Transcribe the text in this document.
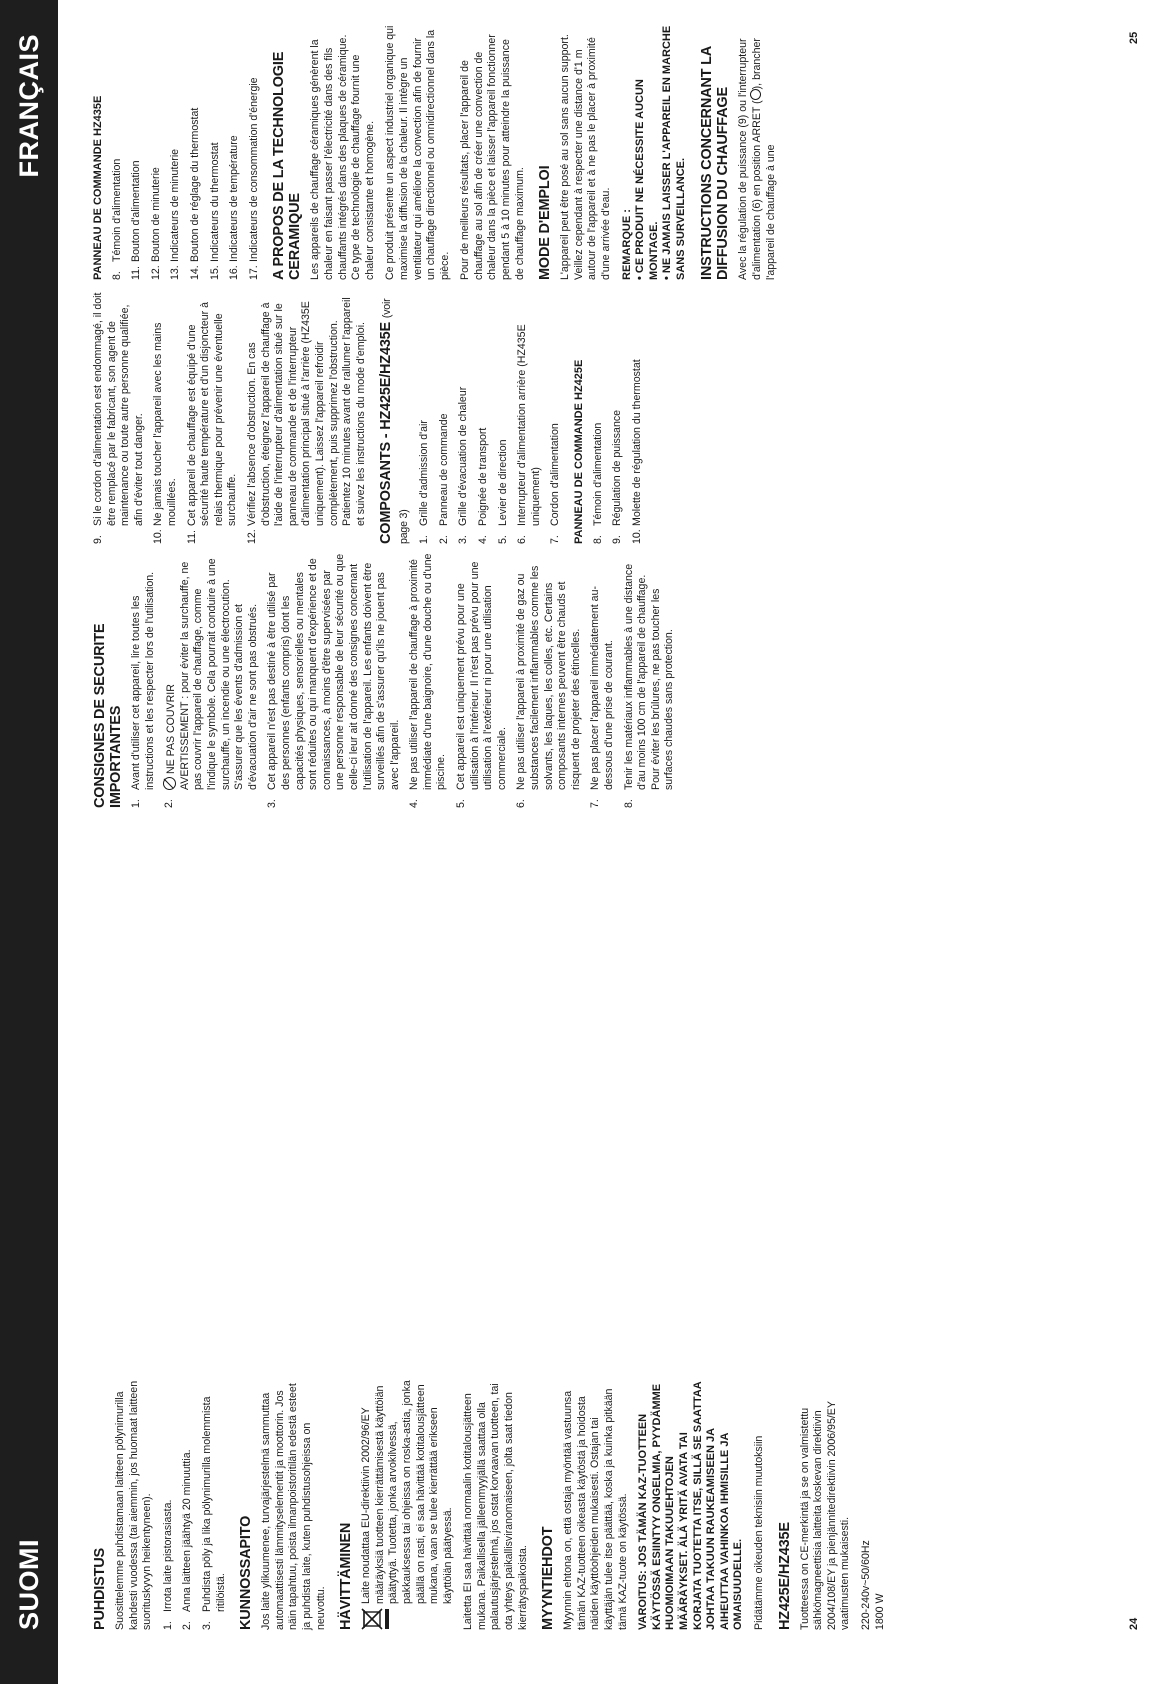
SUOMI
FRANÇAIS
PUHDISTUS Suosittelemme puhdistamaan laitteen pölynimurilla kahdesti vuodessa (tai aiemmin, jos huomaat laitteen suorituskyvyn heikentyneen). 1.
Irrota laite pistorasiasta.
2.
Anna laitteen jäähtyä 20 minuuttia.
3.
Puhdista pöly ja lika pölynimurilla molemmista ritilöistä. KUNNOSSAPITO Jos laite ylikuumenee, turvajärjestelmä sammuttaa automaattisesti lämmityselementit ja moottorin. Jos näin tapahtuu, poista ilmanpoistoritilän edestä esteet ja puhdista laite, kuten puhdistusohjeissa on neuvottu. HÄVITTÄMINEN Laite noudattaa EU-direktiivin 2002/96/EY määräyksiä tuotteen kierrättämisestä käyttöiän päätyttyä. Tuotetta, jonka arvokilvessä, pakkauksessa tai ohjeissa on roska-astia, jonka päällä on rasti, ei saa hävittää kotitalousjätteen mukana, vaan se tulee kierrättää erikseen käyttöiän päätyessä. Laitetta EI saa hävittää normaalin kotitalousjätteen mukana. Paikallisella jälleenmyyjällä saattaa olla palautusjärjestelmä, jos ostat korvaavan tuotteen, tai ota yhteys paikallisviranomaiseen, jolta saat tiedon kierrätyspaikoista. MYYNTIEHDOT Myynnin ehtona on, että ostaja myöntää vastuunsa tämän KAZ-tuotteen oikeasta käytöstä ja hoidosta näiden käyttöohjeiden mukaisesti. Ostajan tai käyttäjän tulee itse päättää, koska ja kuinka pitkään tämä KAZ-tuote on käytössä. VAROITUS: JOS TÄMÄN KAZ-TUOTTEEN KÄYTÖSSÄ ESIINTYY ONGELMIA, PYYDÄMME HUOMIOIMAAN TAKUUEHTOJEN MÄÄRÄYKSET. ÄLÄ YRITÄ AVATA TAI KORJATA TUOTETTA ITSE, SILLÄ SE SAATTAA JOHTAA TAKUUN RAUKEAMISEEN JA AIHEUTTAA VAHINKOA IHMISILLE JA OMAISUUDELLE. Pidätämme oikeuden teknisiin muutoksiin HZ425E/HZ435E Tuotteessa on CE-merkintä ja se on valmistettu sähkömagneettisia laitteita koskevan direktiivin 2004/108/EY ja pienjännitedirektiivin 2006/95/EY vaatimusten mukaisesti. 220-240v~50/60Hz 1800 W
CONSIGNES DE SECURITE IMPORTANTES 1.
Avant d'utiliser cet appareil, lire toutes les instructions et les respecter lors de l'utilisation.
2.
NE PAS COUVRIR AVERTISSEMENT : pour éviter la surchauffe, ne pas couvrir l'appareil de chauffage, comme l'indique le symbole. Cela pourrait conduire à une surchauffe, un incendie ou une électrocution. S'assurer que les évents d'admission et d'évacuation d'air ne sont pas obstrués.
3.
Cet appareil n'est pas destiné à être utilisé par des personnes (enfants compris) dont les capacités physiques, sensorielles ou mentales sont réduites ou qui manquent d'expérience et de connaissances, à moins d'être supervisées par une personne responsable de leur sécurité ou que celle-ci leur ait donné des consignes concernant l'utilisation de l'appareil. Les enfants doivent être surveillés afin de s'assurer qu'ils ne jouent pas avec l'appareil.
4.
Ne pas utiliser l'appareil de chauffage à proximité immédiate d'une baignoire, d'une douche ou d'une piscine.
5.
Cet appareil est uniquement prévu pour une utilisation à l'intérieur. Il n'est pas prévu pour une utilisation à l'extérieur ni pour une utilisation commerciale.
6.
Ne pas utiliser l'appareil à proximité de gaz ou substances facilement inflammables comme les solvants, les laques, les colles, etc. Certains composants internes peuvent être chauds et risquent de projeter des étincelles.
7.
Ne pas placer l'appareil immédiatement au-dessous d'une prise de courant.
8.
Tenir les matériaux inflammables à une distance d'au moins 100 cm de l'appareil de chauffage. Pour éviter les brûlures, ne pas toucher les surfaces chaudes sans protection.
9.
Si le cordon d'alimentation est endommagé, il doit être remplacé par le fabricant, son agent de maintenance ou toute autre personne qualifiée, afin d'éviter tout danger.
10.
Ne jamais toucher l'appareil avec les mains mouillées.
11.
Cet appareil de chauffage est équipé d'une sécurité haute température et d'un disjoncteur à relais thermique pour prévenir une éventuelle surchauffe.
12.
Vérifiez l'absence d'obstruction. En cas d'obstruction, éteignez l'appareil de chauffage à l'aide de l'interrupteur d'alimentation situé sur le panneau de commande et de l'interrupteur d'alimentation principal situé à l'arrière (HZ435E uniquement). Laissez l'appareil refroidir complètement, puis supprimez l'obstruction. Patientez 10 minutes avant de rallumer l'appareil et suivez les instructions du mode d'emploi. COMPOSANTS - HZ425E/HZ435E (voir page 3) 1.
Grille d'admission d'air
2.
Panneau de commande
3.
Grille d'évacuation de chaleur
4.
Poignée de transport
5.
Levier de direction
6.
Interrupteur d'alimentation arrière (HZ435E uniquement)
7.
Cordon d'alimentation PANNEAU DE COMMANDE HZ425E 8.
Témoin d'alimentation
9.
Régulation de puissance
10.
Molette de régulation du thermostat
PANNEAU DE COMMANDE HZ435E 8.
Témoin d'alimentation
11.
Bouton d'alimentation
12.
Bouton de minuterie
13.
Indicateurs de minuterie
14.
Bouton de réglage du thermostat
15.
Indicateurs du thermostat
16.
Indicateurs de température
17.
Indicateurs de consommation d'énergie A PROPOS DE LA TECHNOLOGIE CERAMIQUE Les appareils de chauffage céramiques génèrent la chaleur en faisant passer l'électricité dans des fils chauffants intégrés dans des plaques de céramique. Ce type de technologie de chauffage fournit une chaleur consistante et homogène. Ce produit présente un aspect industriel organique qui maximise la diffusion de la chaleur. Il intègre un ventilateur qui améliore la convection afin de fournir un chauffage directionnel ou omnidirectionnel dans la pièce. Pour de meilleurs résultats, placer l'appareil de chauffage au sol afin de créer une convection de chaleur dans la pièce et laisser l'appareil fonctionner pendant 5 à 10 minutes pour atteindre la puissance de chauffage maximum. MODE D'EMPLOI L'appareil peut être posé au sol sans aucun support. Veillez cependant à respecter une distance d'1 m autour de l'appareil et à ne pas le placer à proximité d'une arrivée d'eau. REMARQUE : • CE PRODUIT NE NÉCESSITE AUCUN MONTAGE. • NE JAMAIS LAISSER L'APPAREIL EN MARCHE SANS SURVEILLANCE. INSTRUCTIONS CONCERNANT LA DIFFUSION DU CHAUFFAGE Avec la régulation de puissance (9) ou l'interrupteur d'alimentation (6) en position ARRET (), brancher l'appareil de chauffage à une

24
25
